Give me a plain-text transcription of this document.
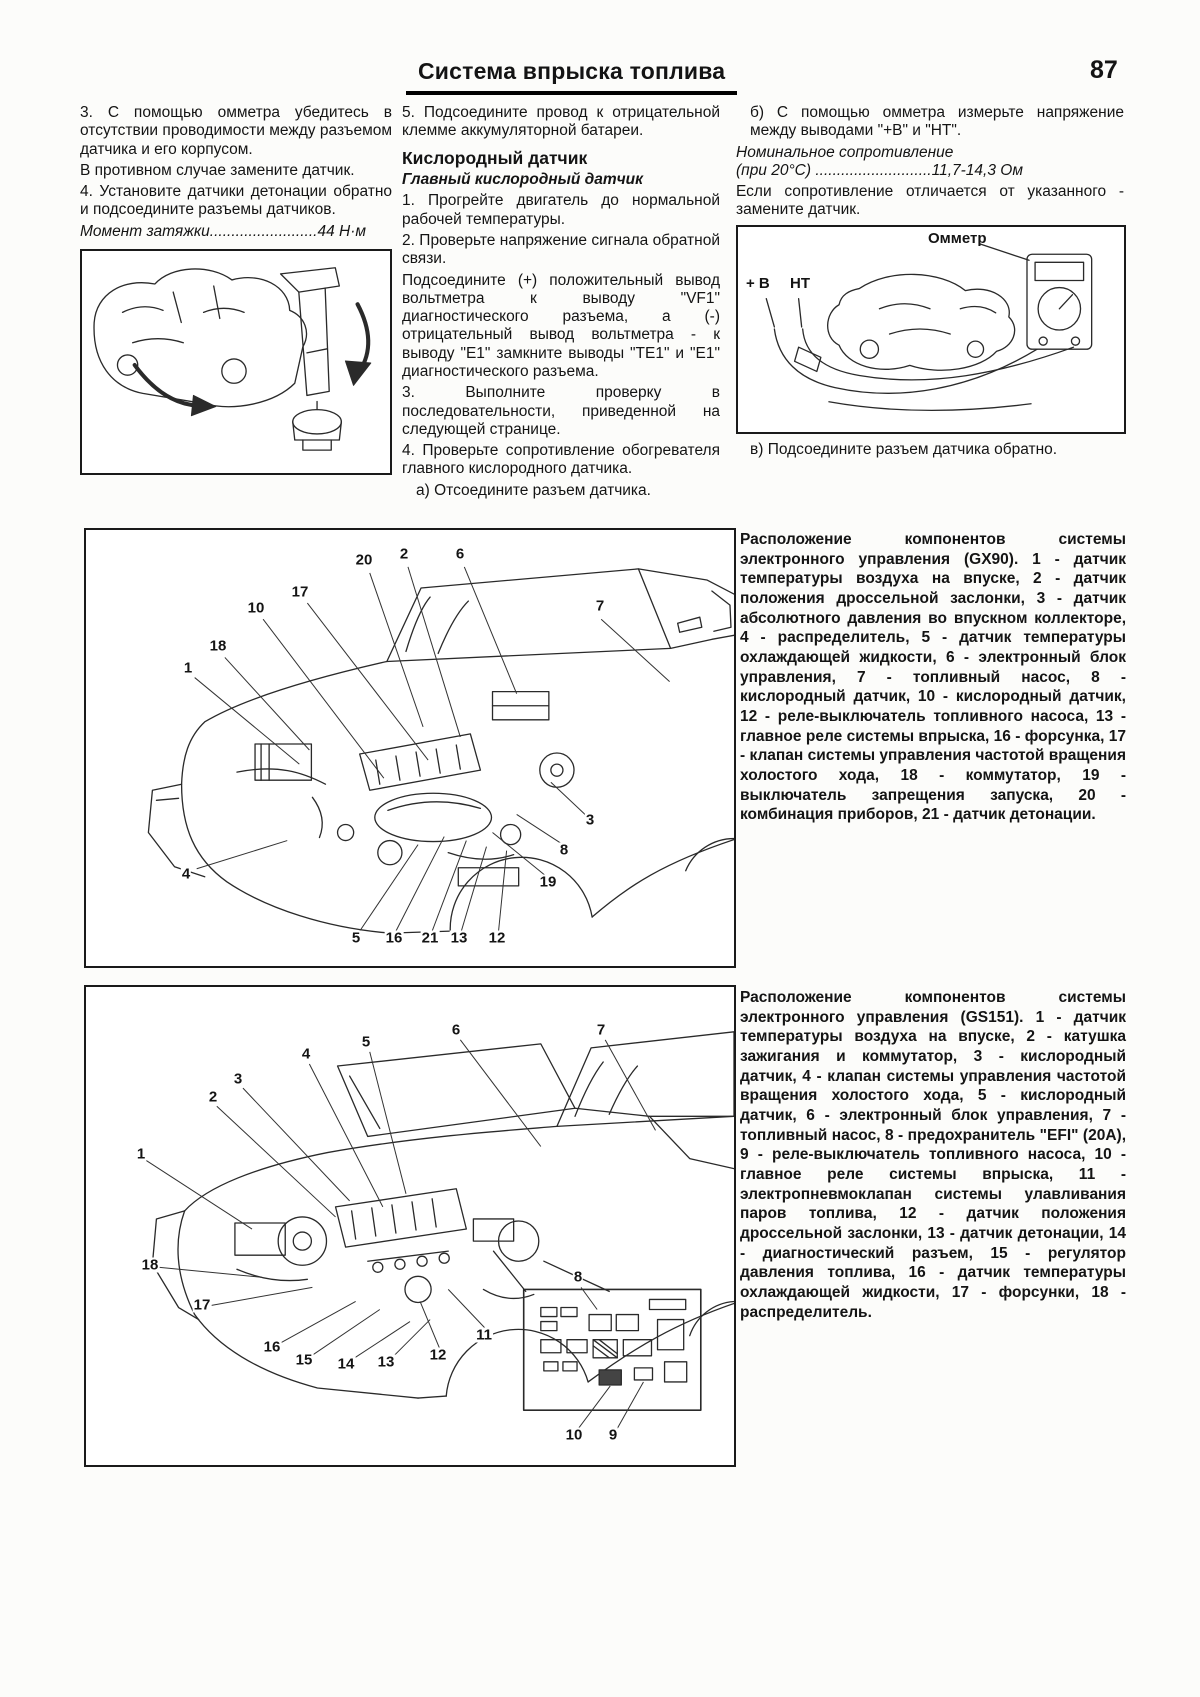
Система впрыска топлива	87

3. С помощью омметра убедитесь в отсутствии проводимости между разъемом датчика и его корпусом.

В противном случае замените датчик.

4. Установите датчики детонации обратно и подсоедините разъемы датчиков.

Момент затяжки.........................44 Н·м

5. Подсоедините провод к отрицательной клемме аккумуляторной батареи.

Кислородный датчик
Главный кислородный датчик

1. Прогрейте двигатель до нормальной рабочей температуры.

2. Проверьте напряжение сигнала обратной связи.

Подсоедините (+) положительный вывод вольтметра к выводу "VF1" диагностического разъема, а (-) отрицательный вывод вольтметра - к выводу "E1" замкните выводы "TE1" и "E1" диагностического разъема.

3. Выполните проверку в последовательности, приведенной на следующей странице.

4. Проверьте сопротивление обогревателя главного кислородного датчика.

а) Отсоедините разъем датчика.

б) С помощью омметра измерьте напряжение между выводами "+B" и "HT".

Номинальное сопротивление

(при 20°С) ...........................11,7-14,3 Ом

Если сопротивление отличается от указанного - замените датчик.

Омметр
+ B HT

в) Подсоедините разъем датчика обратно.

20 2	6
17
10	7
18
1
3
8
19
4
5 16 21 13 12
Расположение компонентов системы электронного управления (GX90). 1 - датчик температуры воздуха на впуске, 2 - датчик положения дроссельной заслонки, 3 - датчик абсолютного давления во впускном коллекторе, 4 - распределитель, 5 - датчик температуры охлаждающей жидкости, 6 - электронный блок управления, 7 - топливный насос, 8 - кислородный датчик, 10 - кислородный датчик, 12 - реле-выключатель топливного насоса, 13 - главное реле системы впрыска, 16 - форсунка, 17 - клапан системы управления частотой вращения холостого хода, 18 - коммутатор, 19 - выключатель запрещения запуска, 20 - комбинация приборов, 21 - датчик детонации.
6	7
5
4
3
2
1
8
11
12
18
17
16
15 14 13
10 9
Расположение компонентов системы электронного управления (GS151). 1 - датчик температуры воздуха на впуске, 2 - катушка зажигания и коммутатор, 3 - кислородный датчик, 4 - клапан системы управления частотой вращения холостого хода, 5 - кислородный датчик, 6 - электронный блок управления, 7 - топливный насос, 8 - предохранитель "EFI" (20А), 9 - реле-выключатель топливного насоса, 10 - главное реле системы впрыска, 11 - электропневмоклапан системы улавливания паров топлива, 12 - датчик положения дроссельной заслонки, 13 - датчик детонации, 14 - диагностический разъем, 15 - регулятор давления топлива, 16 - датчик температуры охлаждающей жидкости, 17 - форсунки, 18 - распределитель.
